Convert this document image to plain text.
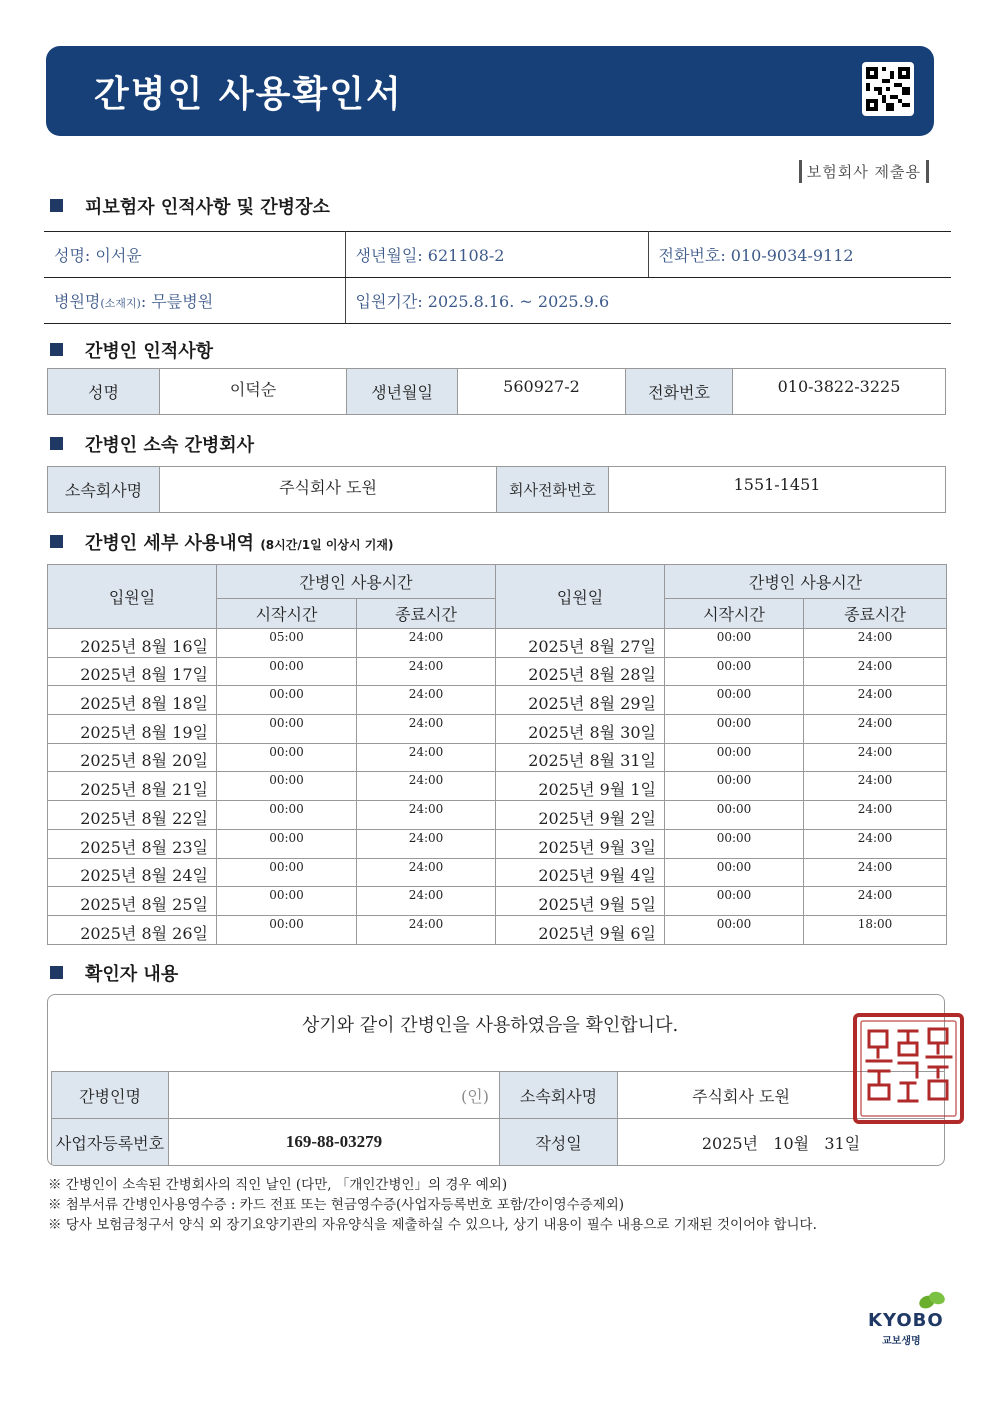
간병인 사용확인서
보험회사 제출용
피보험자 인적사항 및 간병장소
성명: 이서윤	생년월일: 621108-2	전화번호: 010-9034-9112
병원명(소재지): 무릎병원	입원기간: 2025.8.16. ~ 2025.9.6	
간병인 인적사항
성명	이덕순	생년월일	560927-2	전화번호	010-3822-3225
간병인 소속 간병회사
소속회사명	주식회사 도원	회사전화번호	1551-1451
간병인 세부 사용내역 (8시간/1일 이상시 기재)
입원일	간병인 사용시간		입원일	간병인 사용시간	
	시작시간	종료시간		시작시간	종료시간
2025년 8월 16일	05:00	24:00	2025년 8월 27일	00:00	24:00
2025년 8월 17일	00:00	24:00	2025년 8월 28일	00:00	24:00
2025년 8월 18일	00:00	24:00	2025년 8월 29일	00:00	24:00
2025년 8월 19일	00:00	24:00	2025년 8월 30일	00:00	24:00
2025년 8월 20일	00:00	24:00	2025년 8월 31일	00:00	24:00
2025년 8월 21일	00:00	24:00	2025년 9월 1일	00:00	24:00
2025년 8월 22일	00:00	24:00	2025년 9월 2일	00:00	24:00
2025년 8월 23일	00:00	24:00	2025년 9월 3일	00:00	24:00
2025년 8월 24일	00:00	24:00	2025년 9월 4일	00:00	24:00
2025년 8월 25일	00:00	24:00	2025년 9월 5일	00:00	24:00
2025년 8월 26일	00:00	24:00	2025년 9월 6일	00:00	18:00
확인자 내용
상기와 같이 간병인을 사용하였음을 확인합니다.
간병인명	(인)	소속회사명	주식회사 도원
사업자등록번호	169-88-03279	작성일	2025년   10월   31일
※ 간병인이 소속된 간병회사의 직인 날인 (다만, 「개인간병인」의 경우 예외)
※ 첨부서류 간병인사용영수증 : 카드 전표 또는 현금영수증(사업자등록번호 포함/간이영수증제외)
※ 당사 보험금청구서 양식 외 장기요양기관의 자유양식을 제출하실 수 있으나, 상기 내용이 필수 내용으로 기재된 것이어야 합니다.
KYOBO
교보생명
